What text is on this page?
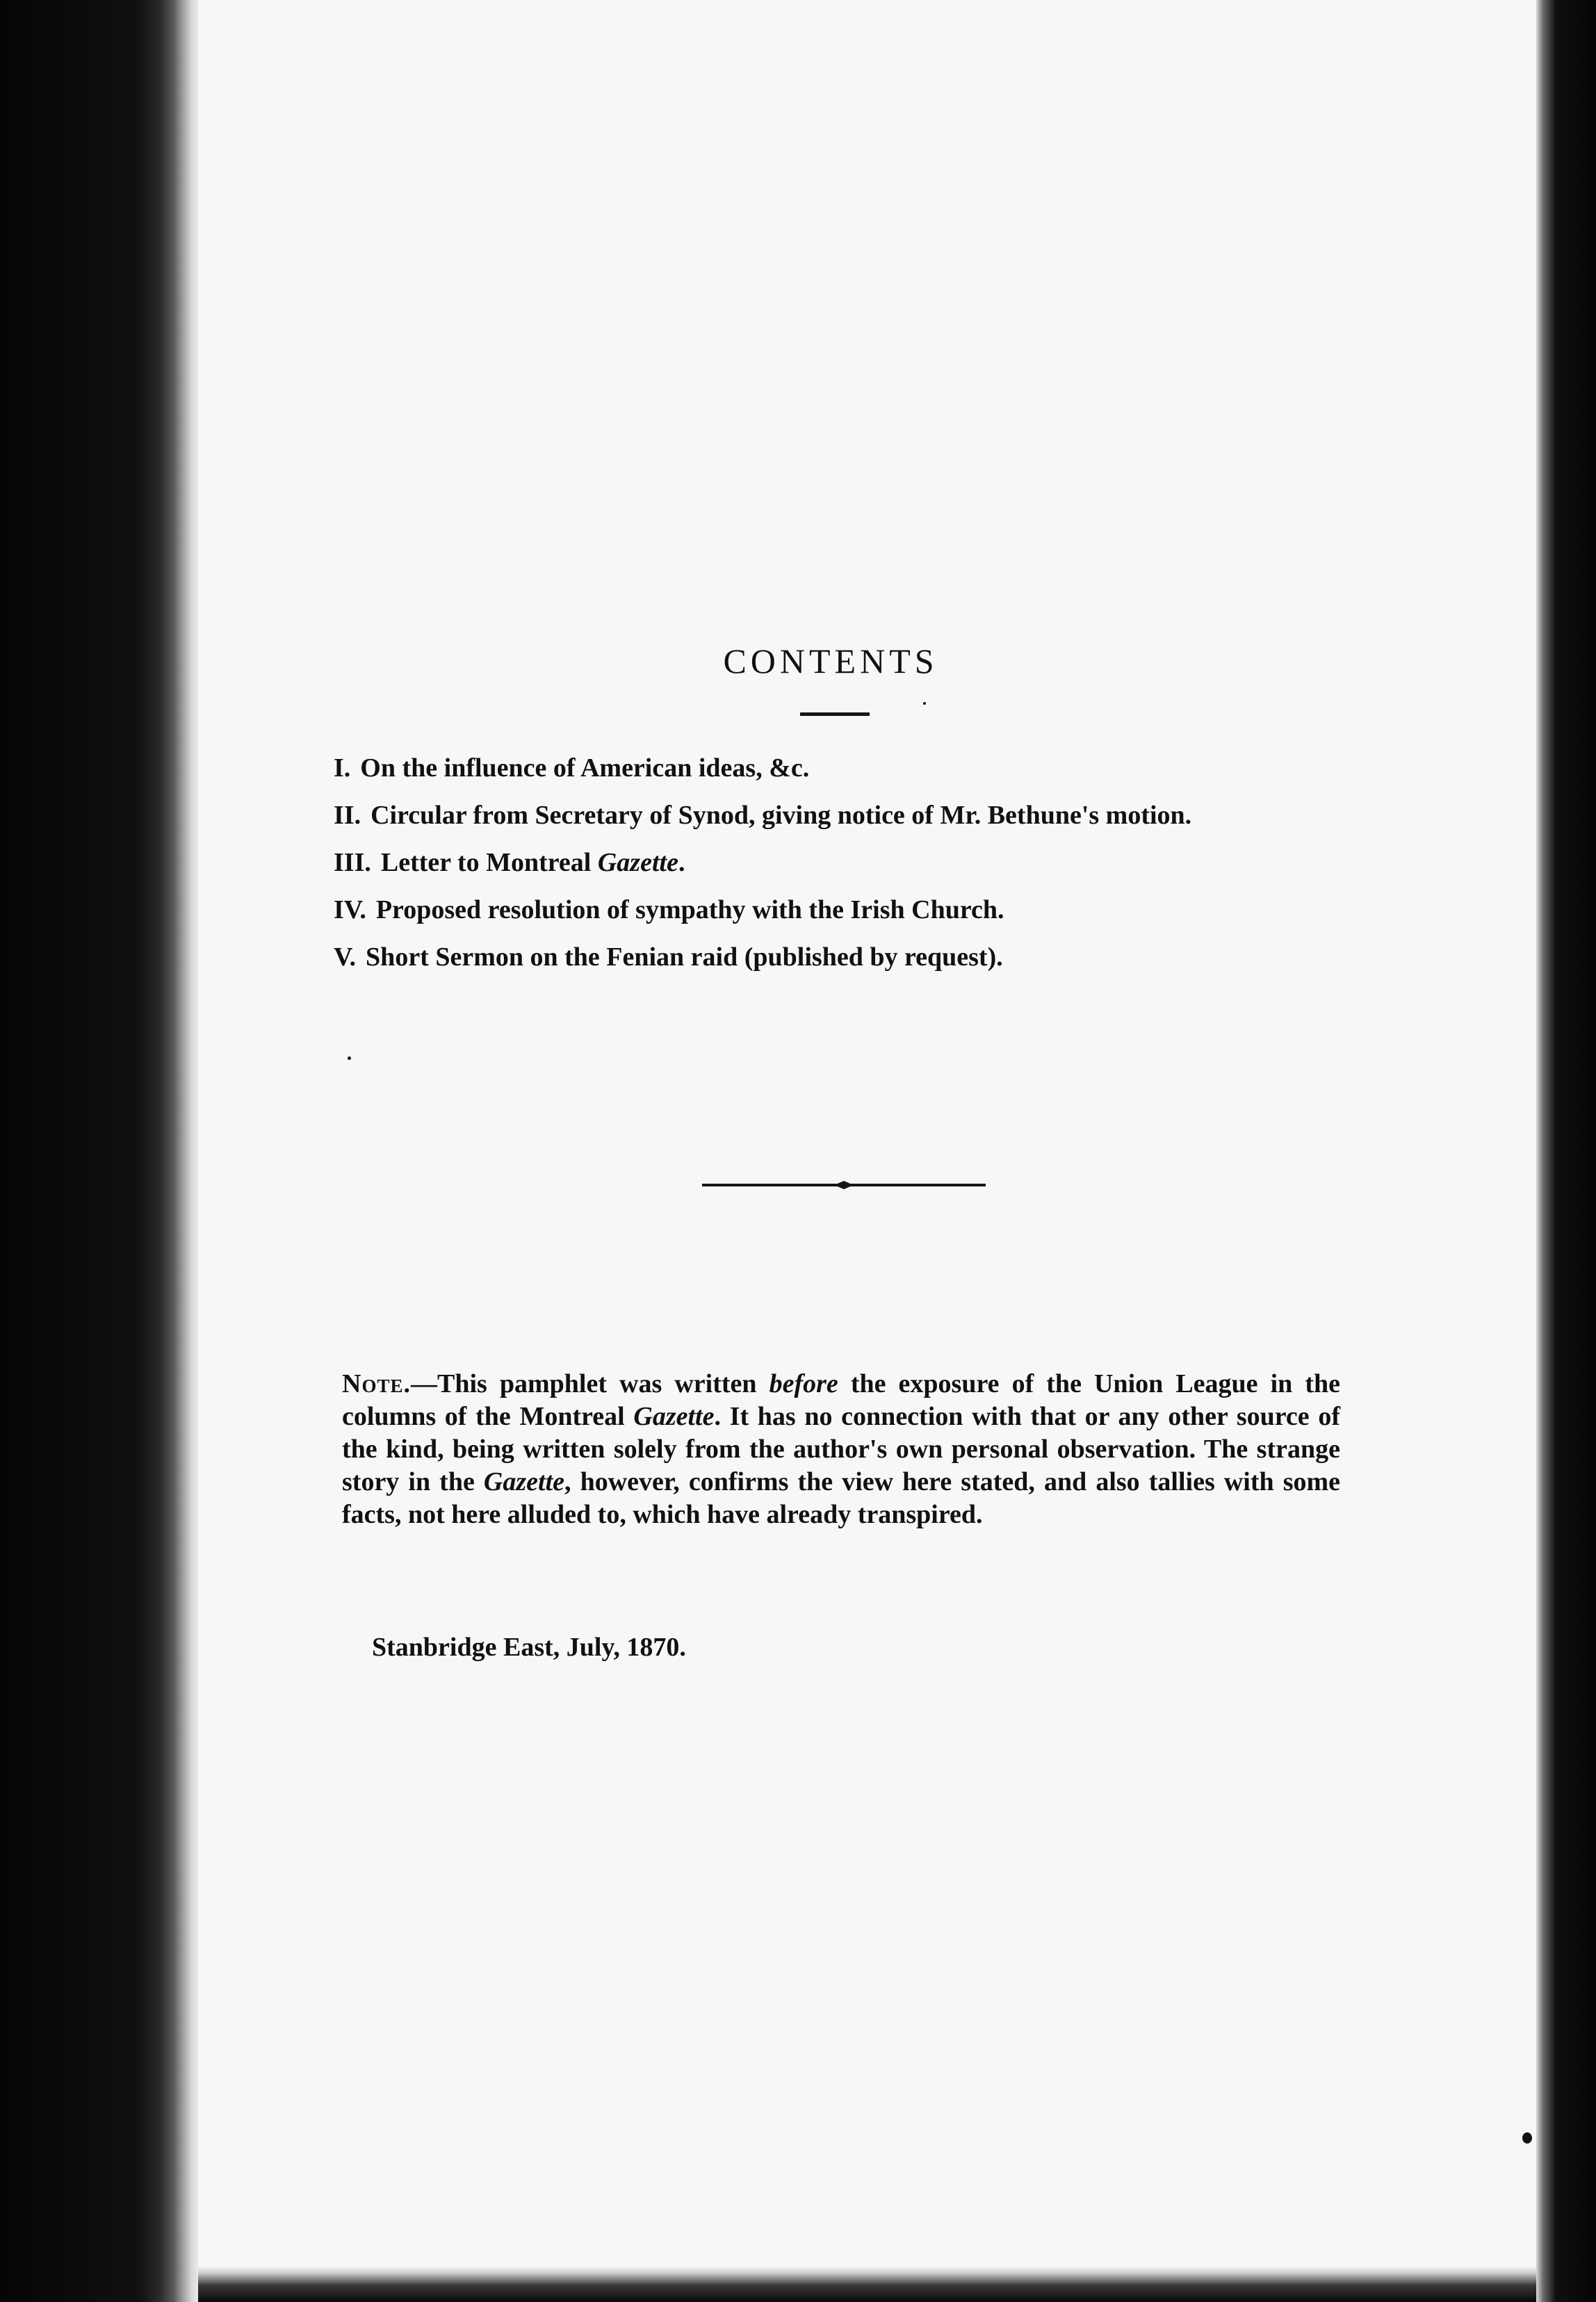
CONTENTS
I. On the influence of American ideas, &c.
II. Circular from Secretary of Synod, giving notice of Mr. Bethune's motion.
III. Letter to Montreal Gazette.
IV. Proposed resolution of sympathy with the Irish Church.
V. Short Sermon on the Fenian raid (published by request).

Note.—This pamphlet was written before the exposure of the Union League in the columns of the Montreal Gazette. It has no connection with that or any other source of the kind, being written solely from the author's own personal observation. The strange story in the Gazette, however, confirms the view here stated, and also tallies with some facts, not here alluded to, which have already transpired.

Stanbridge East, July, 1870.
